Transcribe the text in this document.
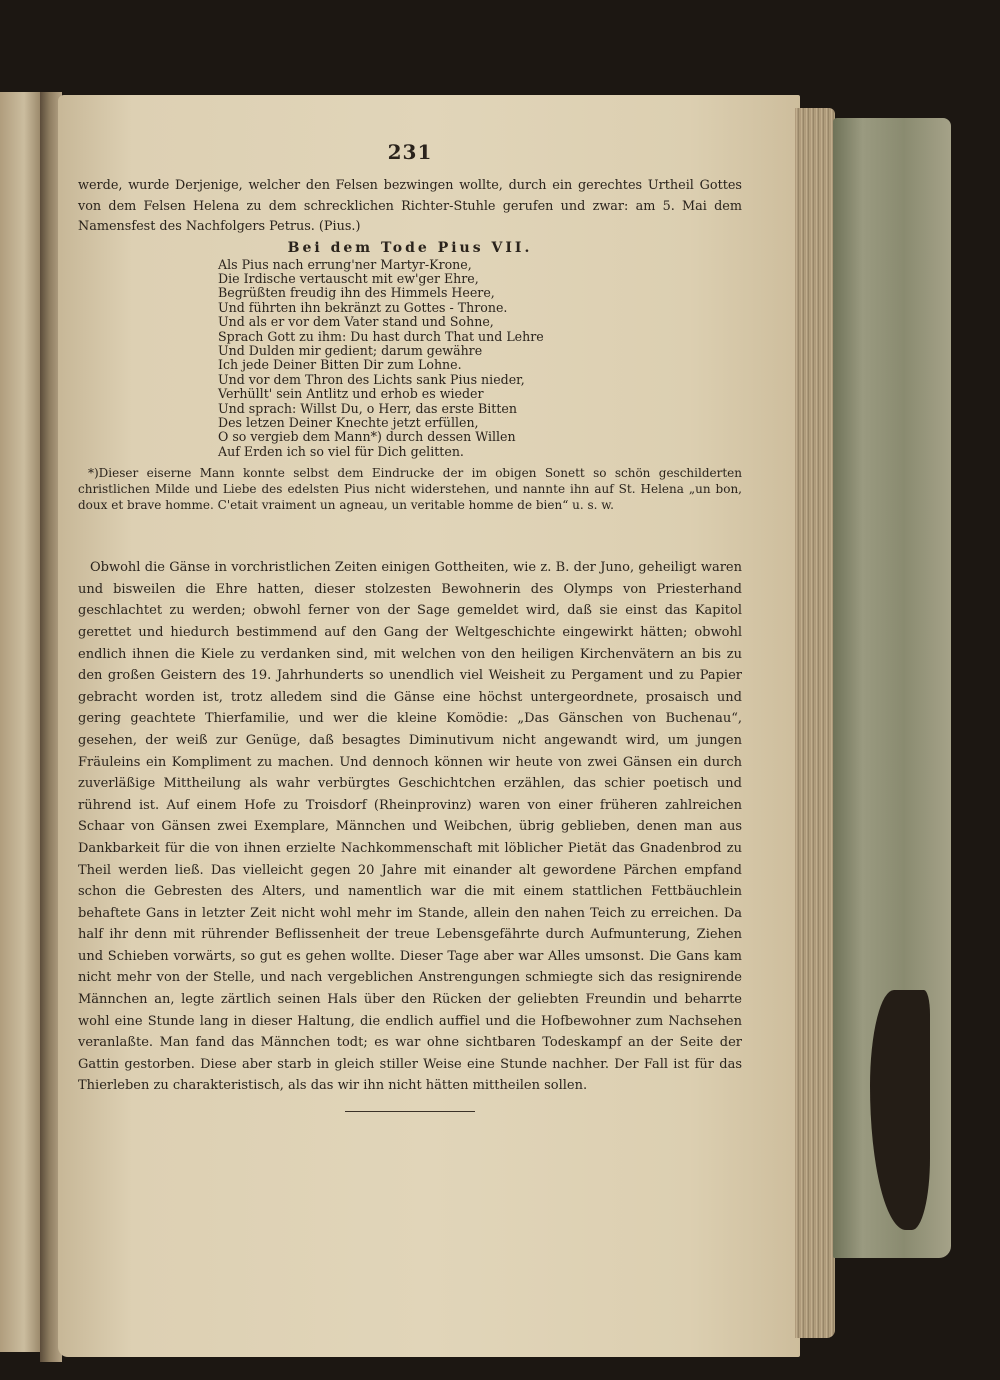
231

werde, wurde Derjenige, welcher den Felsen bezwingen wollte, durch ein gerechtes Urtheil Gottes von dem Felsen Helena zu dem schrecklichen Richter-Stuhle gerufen und zwar: am 5. Mai dem Namensfest des Nachfolgers Petrus. (Pius.)

Bei dem Tode Pius VII.
Als Pius nach errung'ner Martyr-Krone,
Die Irdische vertauscht mit ew'ger Ehre,
Begrüßten freudig ihn des Himmels Heere,
Und führten ihn bekränzt zu Gottes - Throne.
Und als er vor dem Vater stand und Sohne,
Sprach Gott zu ihm: Du hast durch That und Lehre
Und Dulden mir gedient; darum gewähre
Ich jede Deiner Bitten Dir zum Lohne.
Und vor dem Thron des Lichts sank Pius nieder,
Verhüllt' sein Antlitz und erhob es wieder
Und sprach: Willst Du, o Herr, das erste Bitten
Des letzen Deiner Knechte jetzt erfüllen,
O so vergieb dem Mann*) durch dessen Willen
Auf Erden ich so viel für Dich gelitten.

*)Dieser eiserne Mann konnte selbst dem Eindrucke der im obigen Sonett so schön geschilderten christlichen Milde und Liebe des edelsten Pius nicht widerstehen, und nannte ihn auf St. Helena „un bon, doux et brave homme. C'etait vraiment un agneau, un veritable homme de bien“ u. s. w.

Obwohl die Gänse in vorchristlichen Zeiten einigen Gottheiten, wie z. B. der Juno, geheiligt waren und bisweilen die Ehre hatten, dieser stolzesten Bewohnerin des Olymps von Priesterhand geschlachtet zu werden; obwohl ferner von der Sage gemeldet wird, daß sie einst das Kapitol gerettet und hiedurch bestimmend auf den Gang der Weltgeschichte eingewirkt hätten; obwohl endlich ihnen die Kiele zu verdanken sind, mit welchen von den heiligen Kirchenvätern an bis zu den großen Geistern des 19. Jahrhunderts so unendlich viel Weisheit zu Pergament und zu Papier gebracht worden ist, trotz alledem sind die Gänse eine höchst untergeordnete, prosaisch und gering geachtete Thierfamilie, und wer die kleine Komödie: „Das Gänschen von Buchenau“, gesehen, der weiß zur Genüge, daß besagtes Diminutivum nicht angewandt wird, um jungen Fräuleins ein Kompliment zu machen. Und dennoch können wir heute von zwei Gänsen ein durch zuverläßige Mittheilung als wahr verbürgtes Geschichtchen erzählen, das schier poetisch und rührend ist. Auf einem Hofe zu Troisdorf (Rheinprovinz) waren von einer früheren zahlreichen Schaar von Gänsen zwei Exemplare, Männchen und Weibchen, übrig geblieben, denen man aus Dankbarkeit für die von ihnen erzielte Nachkommenschaft mit löblicher Pietät das Gnadenbrod zu Theil werden ließ. Das vielleicht gegen 20 Jahre mit einander alt gewordene Pärchen empfand schon die Gebresten des Alters, und namentlich war die mit einem stattlichen Fettbäuchlein behaftete Gans in letzter Zeit nicht wohl mehr im Stande, allein den nahen Teich zu erreichen. Da half ihr denn mit rührender Beflissenheit der treue Lebensgefährte durch Aufmunterung, Ziehen und Schieben vorwärts, so gut es gehen wollte. Dieser Tage aber war Alles umsonst. Die Gans kam nicht mehr von der Stelle, und nach vergeblichen Anstrengungen schmiegte sich das resignirende Männchen an, legte zärtlich seinen Hals über den Rücken der geliebten Freundin und beharrte wohl eine Stunde lang in dieser Haltung, die endlich auffiel und die Hofbewohner zum Nachsehen veranlaßte. Man fand das Männchen todt; es war ohne sichtbaren Todeskampf an der Seite der Gattin gestorben. Diese aber starb in gleich stiller Weise eine Stunde nachher. Der Fall ist für das Thierleben zu charakteristisch, als das wir ihn nicht hätten mittheilen sollen.
